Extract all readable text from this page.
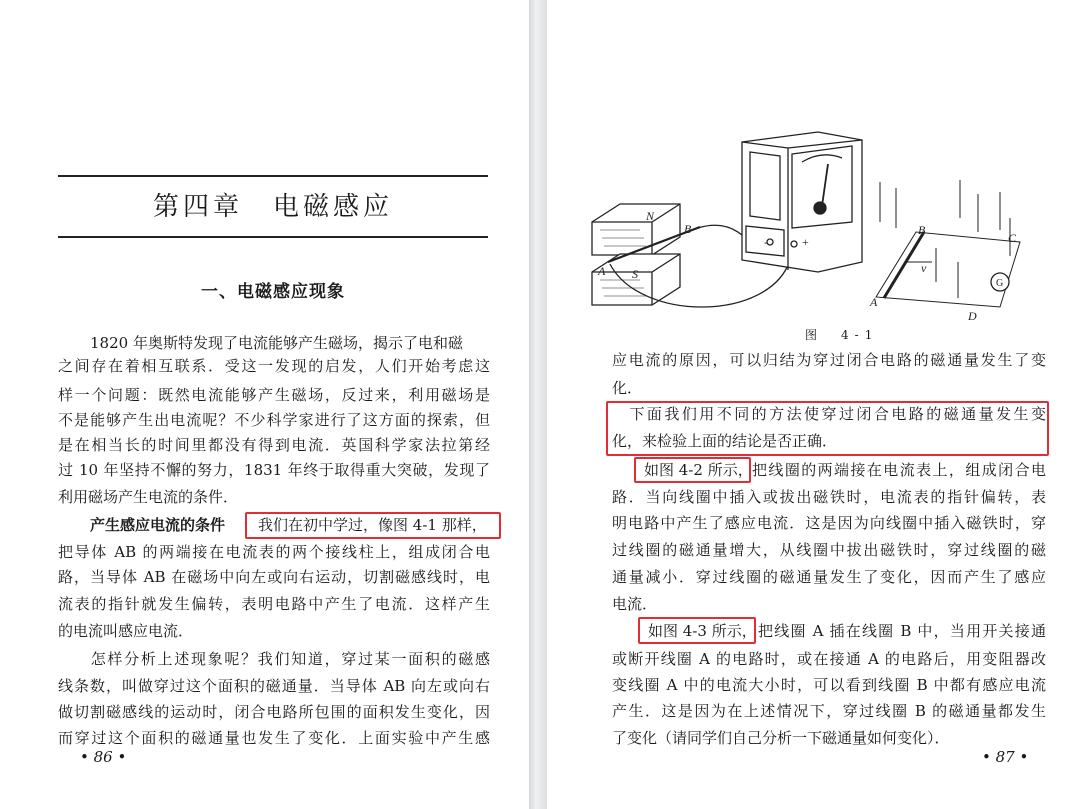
第四章　电磁感应
一、电磁感应现象
1820 年奥斯特发现了电流能够产生磁场，揭示了电和磁
之间存在着相互联系．受这一发现的启发，人们开始考虑这
样一个问题：既然电流能够产生磁场，反过来，利用磁场是
不是能够产生出电流呢？不少科学家进行了这方面的探索，但
是在相当长的时间里都没有得到电流．英国科学家法拉第经
过 10 年坚持不懈的努力，1831 年终于取得重大突破，发现了
利用磁场产生电流的条件．
产生感应电流的条件 我们在初中学过，像图 4-1 那样，
把导体 AB 的两端接在电流表的两个接线柱上，组成闭合电
路，当导体 AB 在磁场中向左或向右运动，切割磁感线时，电
流表的指针就发生偏转，表明电路中产生了电流．这样产生
的电流叫感应电流．
　怎样分析上述现象呢？我们知道，穿过某一面积的磁感
线条数，叫做穿过这个面积的磁通量．当导体 AB 向左或向右
做切割磁感线的运动时，闭合电路所包围的面积发生变化，因
而穿过这个面积的磁通量也发生了变化．上面实验中产生感
• 86 •
N
S
A
B
A
B
C
D
G
v
-	+
图　4-1
应电流的原因，可以归结为穿过闭合电路的磁通量发生了变
化．
　下面我们用不同的方法使穿过闭合电路的磁通量发生变
化，来检验上面的结论是否正确．
如图 4-2 所示， 把线圈的两端接在电流表上，组成闭合电
路．当向线圈中插入或拔出磁铁时，电流表的指针偏转，表
明电路中产生了感应电流．这是因为向线圈中插入磁铁时，穿
过线圈的磁通量增大，从线圈中拔出磁铁时，穿过线圈的磁
通量减小．穿过线圈的磁通量发生了变化，因而产生了感应
电流．
如图 4-3 所示， 把线圈 A 插在线圈 B 中，当用开关接通
或断开线圈 A 的电路时，或在接通 A 的电路后，用变阻器改
变线圈 A 中的电流大小时，可以看到线圈 B 中都有感应电流
产生．这是因为在上述情况下，穿过线圈 B 的磁通量都发生
了变化（请同学们自己分析一下磁通量如何变化）．
• 87 •
